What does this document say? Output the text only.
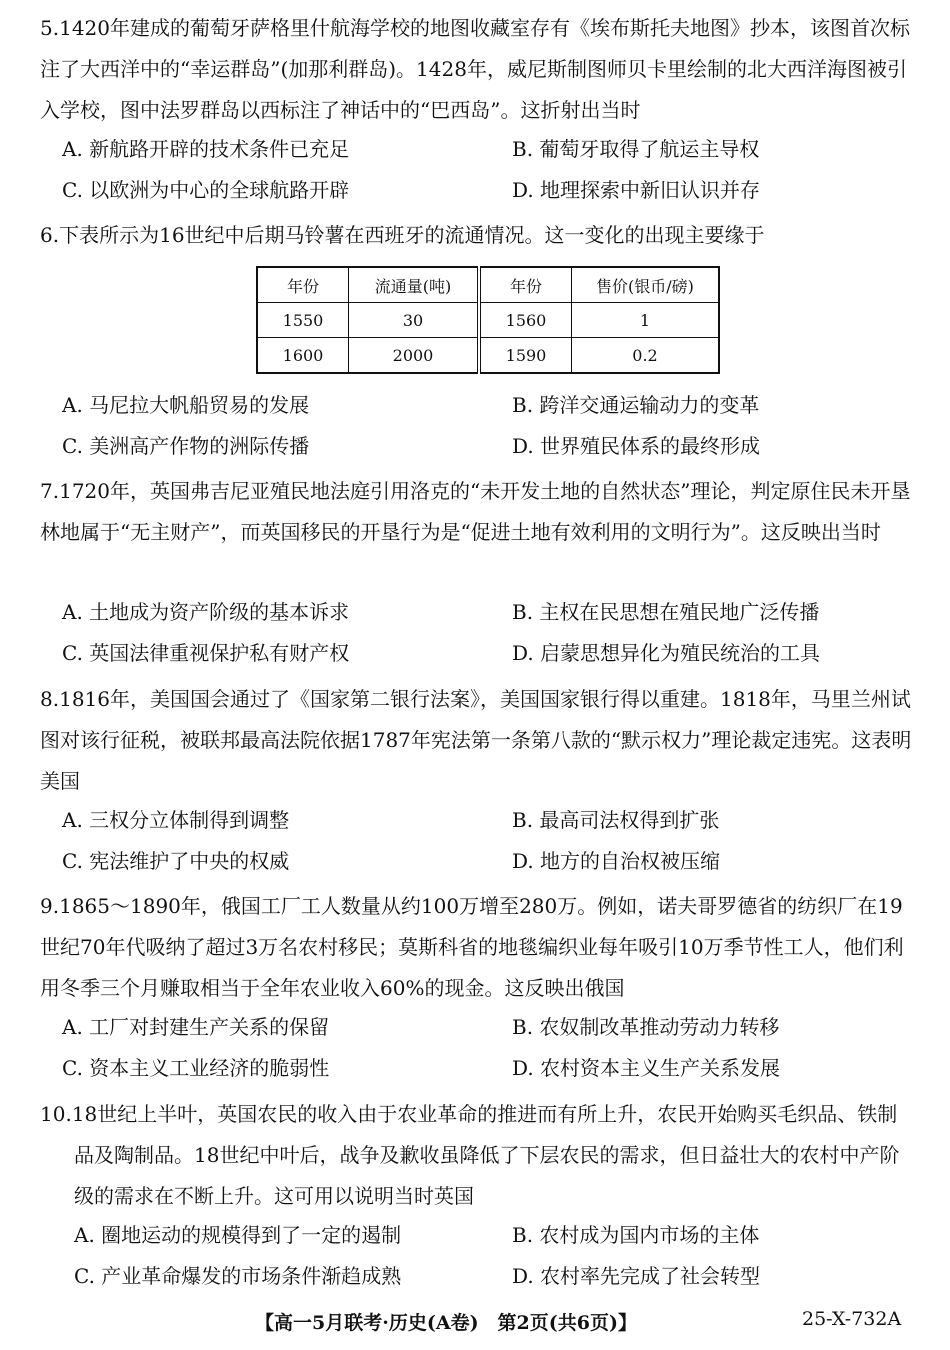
5.1420年建成的葡萄牙萨格里什航海学校的地图收藏室存有《埃布斯托夫地图》抄本，该图首次标注了大西洋中的“幸运群岛”(加那利群岛)。1428年，威尼斯制图师贝卡里绘制的北大西洋海图被引入学校，图中法罗群岛以西标注了神话中的“巴西岛”。这折射出当时
A. 新航路开辟的技术条件已充足	B. 葡萄牙取得了航运主导权
C. 以欧洲为中心的全球航路开辟	D. 地理探索中新旧认识并存
6.下表所示为16世纪中后期马铃薯在西班牙的流通情况。这一变化的出现主要缘于
年份	流通量(吨)	年份	售价(银币/磅)
1550	30	1560	1
1600	2000	1590	0.2
A. 马尼拉大帆船贸易的发展	B. 跨洋交通运输动力的变革
C. 美洲高产作物的洲际传播	D. 世界殖民体系的最终形成
7.1720年，英国弗吉尼亚殖民地法庭引用洛克的“未开发土地的自然状态”理论，判定原住民未开垦林地属于“无主财产”，而英国移民的开垦行为是“促进土地有效利用的文明行为”。这反映出当时
A. 土地成为资产阶级的基本诉求	B. 主权在民思想在殖民地广泛传播
C. 英国法律重视保护私有财产权	D. 启蒙思想异化为殖民统治的工具
8.1816年，美国国会通过了《国家第二银行法案》，美国国家银行得以重建。1818年，马里兰州试图对该行征税，被联邦最高法院依据1787年宪法第一条第八款的“默示权力”理论裁定违宪。这表明美国
A. 三权分立体制得到调整	B. 最高司法权得到扩张
C. 宪法维护了中央的权威	D. 地方的自治权被压缩
9.1865～1890年，俄国工厂工人数量从约100万增至280万。例如，诺夫哥罗德省的纺织厂在19世纪70年代吸纳了超过3万名农村移民；莫斯科省的地毯编织业每年吸引10万季节性工人，他们利用冬季三个月赚取相当于全年农业收入60%的现金。这反映出俄国
A. 工厂对封建生产关系的保留	B. 农奴制改革推动劳动力转移
C. 资本主义工业经济的脆弱性	D. 农村资本主义生产关系发展
10.18世纪上半叶，英国农民的收入由于农业革命的推进而有所上升，农民开始购买毛织品、铁制品及陶制品。18世纪中叶后，战争及歉收虽降低了下层农民的需求，但日益壮大的农村中产阶级的需求在不断上升。这可用以说明当时英国
A. 圈地运动的规模得到了一定的遏制	B. 农村成为国内市场的主体
C. 产业革命爆发的市场条件渐趋成熟	D. 农村率先完成了社会转型
【高一5月联考·历史(A卷)　第2页(共6页)】	25-X-732A
